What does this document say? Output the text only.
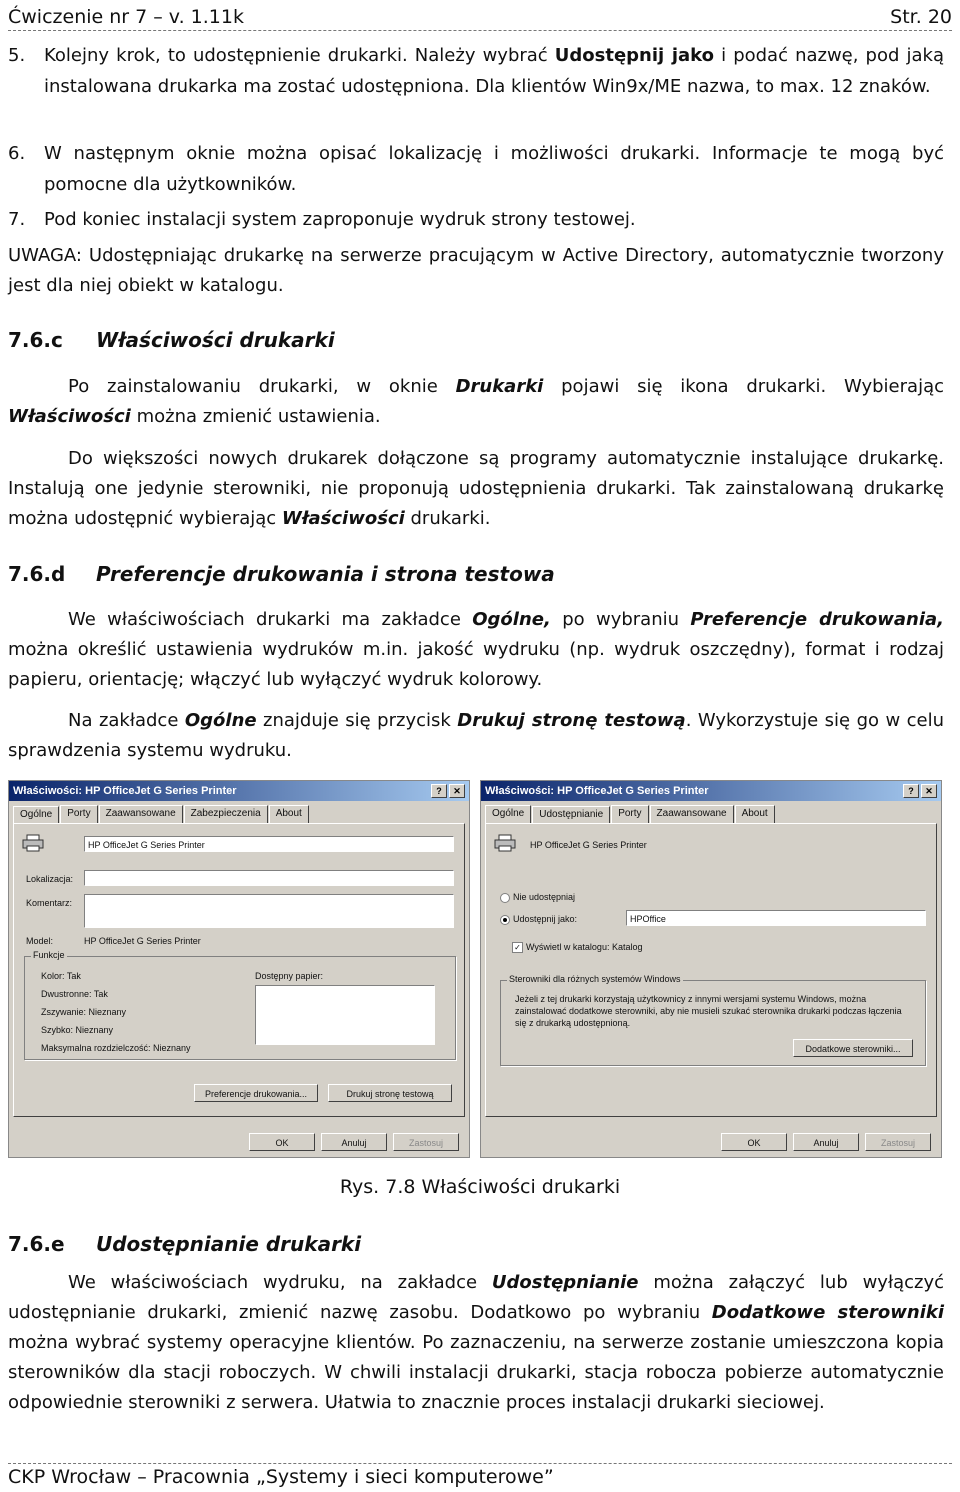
Ćwiczenie nr 7 – v. 1.11k	Str. 20
5. Kolejny krok, to udostępnienie drukarki. Należy wybrać Udostępnij jako i podać nazwę, pod jaką instalowana drukarka ma zostać udostępniona. Dla klientów Win9x/ME nazwa, to max. 12 znaków.
6. W następnym oknie można opisać lokalizację i możliwości drukarki. Informacje te mogą być pomocne dla użytkowników.
7. Pod koniec instalacji system zaproponuje wydruk strony testowej.
UWAGA: Udostępniając drukarkę na serwerze pracującym w Active Directory, automatycznie tworzony jest dla niej obiekt w katalogu.
7.6.c	Właściwości drukarki
Po zainstalowaniu drukarki, w oknie Drukarki pojawi się ikona drukarki. Wybierając Właściwości można zmienić ustawienia.
Do większości nowych drukarek dołączone są programy automatycznie instalujące drukarkę. Instalują one jedynie sterowniki, nie proponują udostępnienia drukarki. Tak zainstalowaną drukarkę można udostępnić wybierając Właściwości drukarki.
7.6.d	Preferencje drukowania i strona testowa
We właściwościach drukarki ma zakładce Ogólne, po wybraniu Preferencje drukowania, można określić ustawienia wydruków m.in. jakość wydruku (np. wydruk oszczędny), format i rodzaj papieru, orientację; włączyć lub wyłączyć wydruk kolorowy.
Na zakładce Ogólne znajduje się przycisk Drukuj stronę testową. Wykorzystuje się go w celu sprawdzenia systemu wydruku.
Właściwości: HP OfficeJet G Series Printer	? ✕
Ogólne	Porty	Zaawansowane	Zabezpieczenia	About
HP OfficeJet G Series Printer
Lokalizacja:
Komentarz:
Model:	HP OfficeJet G Series Printer
Funkcje
Kolor: Tak
Dwustronne: Tak
Zszywanie: Nieznany
Szybko: Nieznany
Maksymalna rozdzielczość: Nieznany
Dostępny papier:
Preferencje drukowania...	Drukuj stronę testową
OK	Anuluj	Zastosuj
Właściwości: HP OfficeJet G Series Printer	? ✕
Ogólne	Udostępnianie	Porty	Zaawansowane	About
HP OfficeJet G Series Printer
Nie udostępniaj
Udostępnij jako:	HPOffice
✓ Wyświetl w katalogu: Katalog
Sterowniki dla różnych systemów Windows
Jeżeli z tej drukarki korzystają użytkownicy z innymi wersjami systemu Windows, można zainstalować dodatkowe sterowniki, aby nie musieli szukać sterownika drukarki podczas łączenia się z drukarką udostępnioną.
Dodatkowe sterowniki...
OK	Anuluj	Zastosuj
Rys. 7.8 Właściwości drukarki
7.6.e	Udostępnianie drukarki
We właściwościach wydruku, na zakładce Udostępnianie można załączyć lub wyłączyć udostępnianie drukarki, zmienić nazwę zasobu. Dodatkowo po wybraniu Dodatkowe sterowniki można wybrać systemy operacyjne klientów. Po zaznaczeniu, na serwerze zostanie umieszczona kopia sterowników dla stacji roboczych. W chwili instalacji drukarki, stacja robocza pobierze automatycznie odpowiednie sterowniki z serwera. Ułatwia to znacznie proces instalacji drukarki sieciowej.
CKP Wrocław – Pracownia „Systemy i sieci komputerowe”
